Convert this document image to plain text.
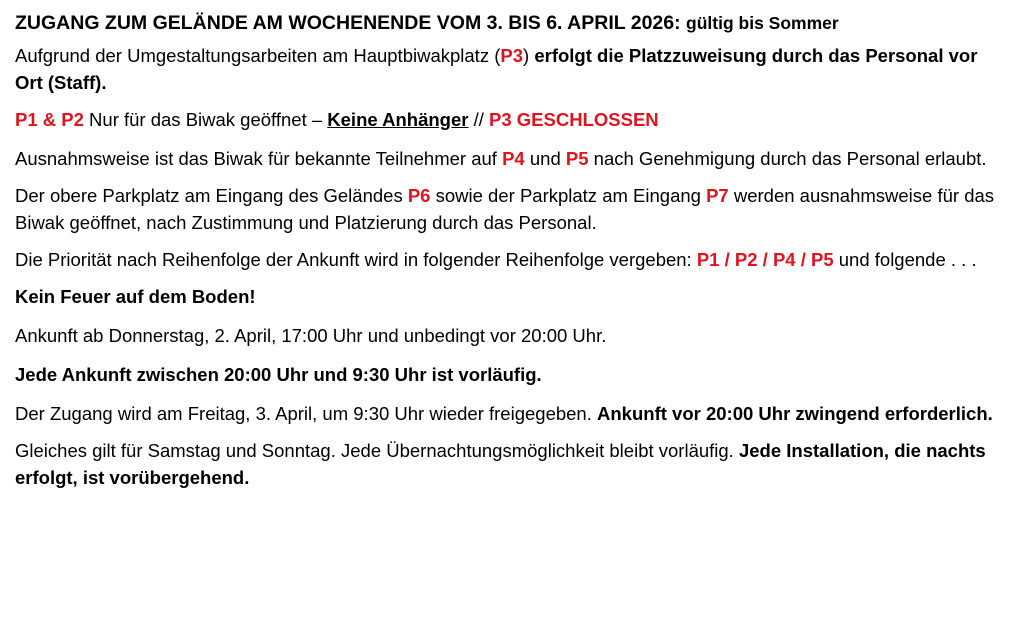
ZUGANG ZUM GELÄNDE AM WOCHENENDE VOM 3. BIS 6. APRIL 2026: gültig bis Sommer

Aufgrund der Umgestaltungsarbeiten am Hauptbiwakplatz (P3) erfolgt die Platzzuweisung durch das Personal vor Ort (Staff).

P1 & P2 Nur für das Biwak geöffnet – Keine Anhänger // P3 GESCHLOSSEN

Ausnahmsweise ist das Biwak für bekannte Teilnehmer auf P4 und P5 nach Genehmigung durch das Personal erlaubt.

Der obere Parkplatz am Eingang des Geländes P6 sowie der Parkplatz am Eingang P7 werden ausnahmsweise für das Biwak geöffnet, nach Zustimmung und Platzierung durch das Personal.

Die Priorität nach Reihenfolge der Ankunft wird in folgender Reihenfolge vergeben: P1 / P2 / P4 / P5 und folgende . . .

Kein Feuer auf dem Boden!

Ankunft ab Donnerstag, 2. April, 17:00 Uhr und unbedingt vor 20:00 Uhr.

Jede Ankunft zwischen 20:00 Uhr und 9:30 Uhr ist vorläufig.

Der Zugang wird am Freitag, 3. April, um 9:30 Uhr wieder freigegeben. Ankunft vor 20:00 Uhr zwingend erforderlich.

Gleiches gilt für Samstag und Sonntag. Jede Übernachtungsmöglichkeit bleibt vorläufig. Jede Installation, die nachts erfolgt, ist vorübergehend.
